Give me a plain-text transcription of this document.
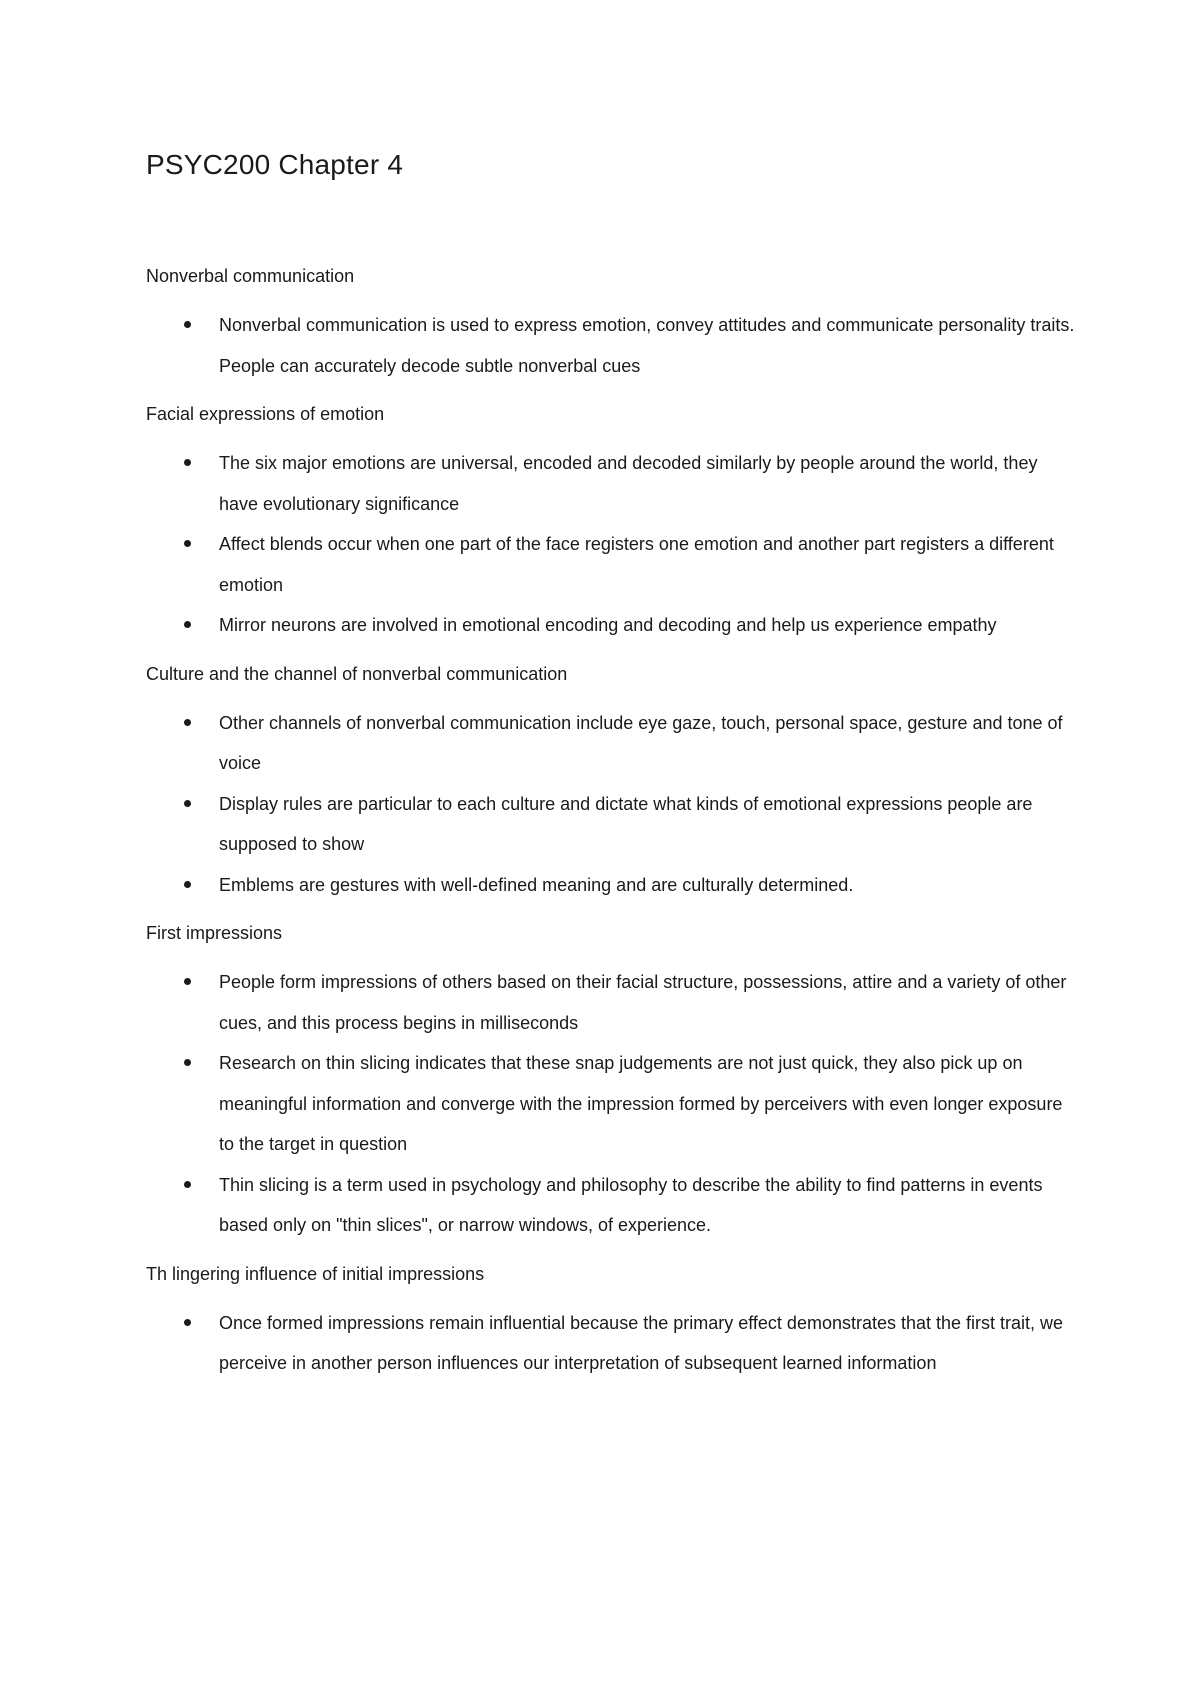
PSYC200 Chapter 4

Nonverbal communication

Nonverbal communication is used to express emotion, convey attitudes and communicate personality traits. People can accurately decode subtle nonverbal cues

Facial expressions of emotion

The six major emotions are universal, encoded and decoded similarly by people around the world, they have evolutionary significance
Affect blends occur when one part of the face registers one emotion and another part registers a different emotion
Mirror neurons are involved in emotional encoding and decoding and help us experience empathy

Culture and the channel of nonverbal communication

Other channels of nonverbal communication include eye gaze, touch, personal space, gesture and tone of voice
Display rules are particular to each culture and dictate what kinds of emotional expressions people are supposed to show
Emblems are gestures with well-defined meaning and are culturally determined.

First impressions

People form impressions of others based on their facial structure, possessions, attire and a variety of other cues, and this process begins in milliseconds
Research on thin slicing indicates that these snap judgements are not just quick, they also pick up on meaningful information and converge with the impression formed by perceivers with even longer exposure to the target in question
Thin slicing is a term used in psychology and philosophy to describe the ability to find patterns in events based only on "thin slices", or narrow windows, of experience.

Th lingering influence of initial impressions

Once formed impressions remain influential because the primary effect demonstrates that the first trait, we perceive in another person influences our interpretation of subsequent learned information
